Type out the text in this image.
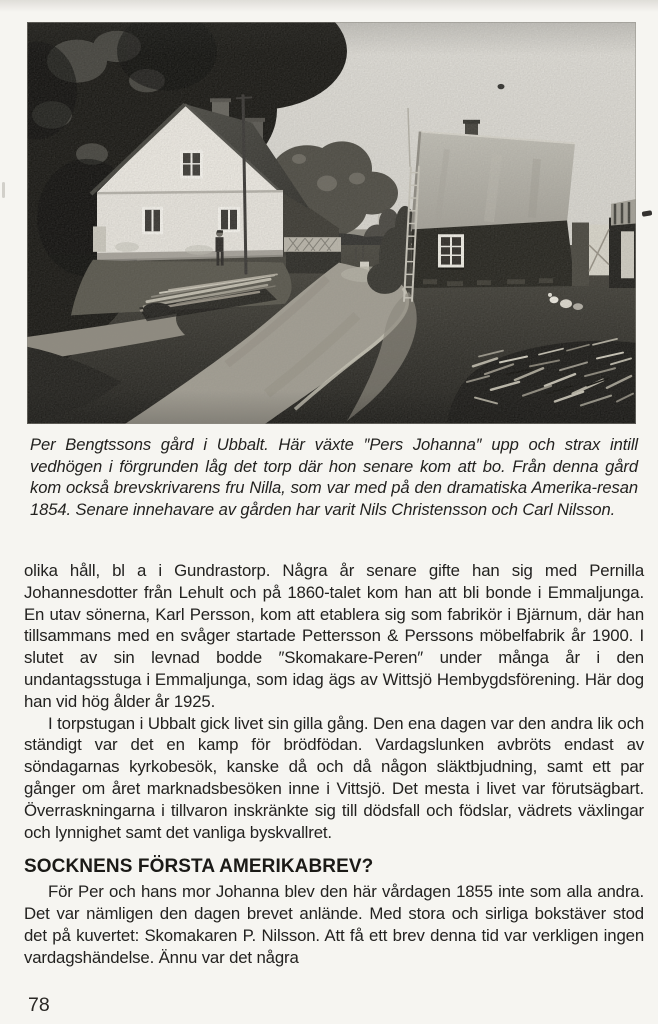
Per Bengtssons gård i Ubbalt. Här växte ″Pers Johanna″ upp och strax intill vedhögen i förgrunden låg det torp där hon senare kom att bo. Från denna gård kom också brevskrivarens fru Nilla, som var med på den dramatiska Amerika-resan 1854. Senare innehavare av gården har varit Nils Christensson och Carl Nilsson.

olika håll, bl a i Gundrastorp. Några år senare gifte han sig med Pernilla Johannesdotter från Lehult och på 1860-talet kom han att bli bonde i Emmaljunga. En utav sönerna, Karl Persson, kom att etablera sig som fabrikör i Bjärnum, där han tillsammans med en svåger startade Pettersson & Perssons möbelfabrik år 1900. I slutet av sin levnad bodde ″Skomakare-Peren″ under många år i den undantagsstuga i Emmaljunga, som idag ägs av Wittsjö Hembygdsförening. Här dog han vid hög ålder år 1925.

I torpstugan i Ubbalt gick livet sin gilla gång. Den ena dagen var den andra lik och ständigt var det en kamp för brödfödan. Vardagslunken avbröts endast av söndagarnas kyrkobesök, kanske då och då någon släktbjudning, samt ett par gånger om året marknadsbesöken inne i Vittsjö. Det mesta i livet var förutsägbart. Överraskningarna i tillvaron inskränkte sig till dödsfall och födslar, vädrets växlingar och lynnighet samt det vanliga byskvallret.

SOCKNENS FÖRSTA AMERIKABREV?

För Per och hans mor Johanna blev den här vårdagen 1855 inte som alla andra. Det var nämligen den dagen brevet anlände. Med stora och sirliga bokstäver stod det på kuvertet: Skomakaren P. Nilsson. Att få ett brev denna tid var verkligen ingen vardagshändelse. Ännu var det några

78
